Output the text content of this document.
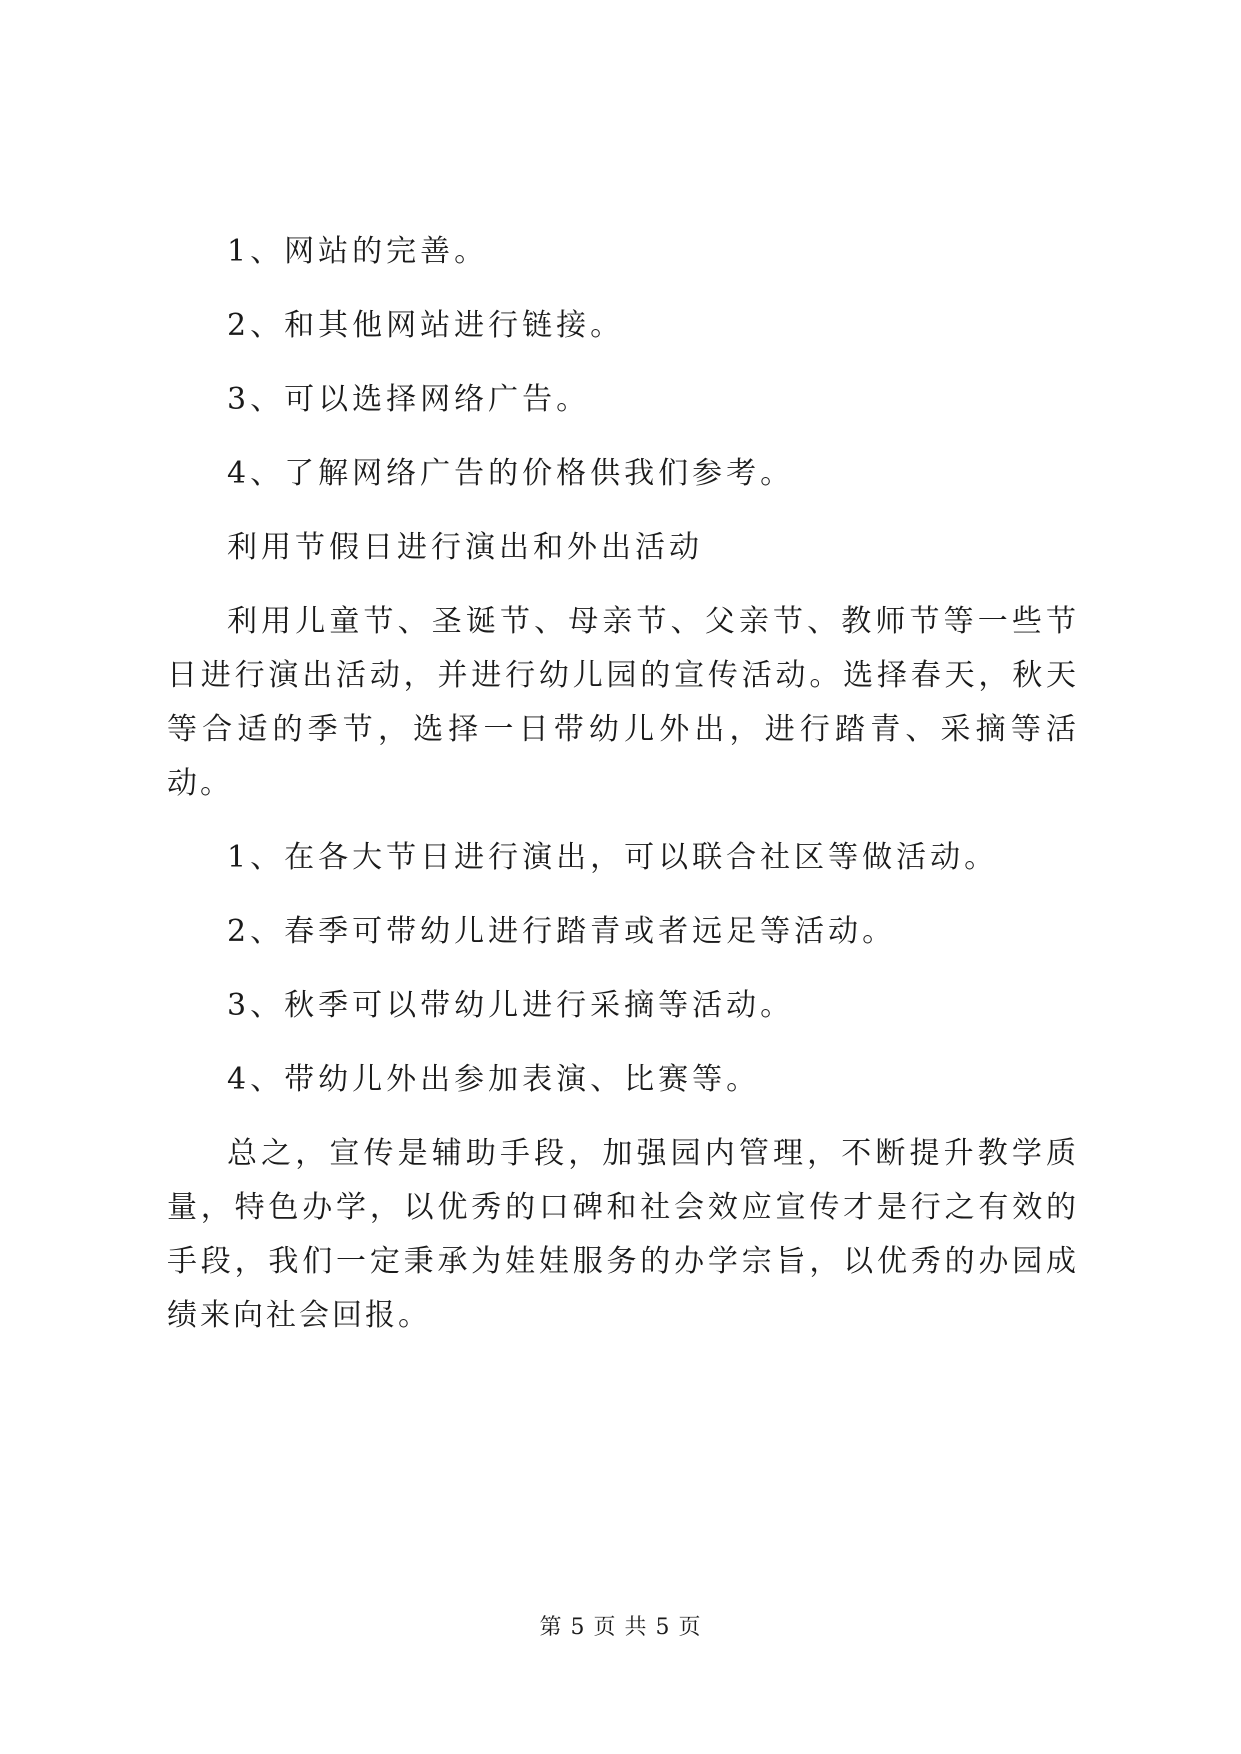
1、网站的完善。

2、和其他网站进行链接。

3、可以选择网络广告。

4、了解网络广告的价格供我们参考。

利用节假日进行演出和外出活动

利用儿童节、圣诞节、母亲节、父亲节、教师节等一些节日进行演出活动，并进行幼儿园的宣传活动。选择春天，秋天等合适的季节，选择一日带幼儿外出，进行踏青、采摘等活动。

1、在各大节日进行演出，可以联合社区等做活动。

2、春季可带幼儿进行踏青或者远足等活动。

3、秋季可以带幼儿进行采摘等活动。

4、带幼儿外出参加表演、比赛等。

总之，宣传是辅助手段，加强园内管理，不断提升教学质量，特色办学，以优秀的口碑和社会效应宣传才是行之有效的手段，我们一定秉承为娃娃服务的办学宗旨，以优秀的办园成绩来向社会回报。

第 5 页 共 5 页
